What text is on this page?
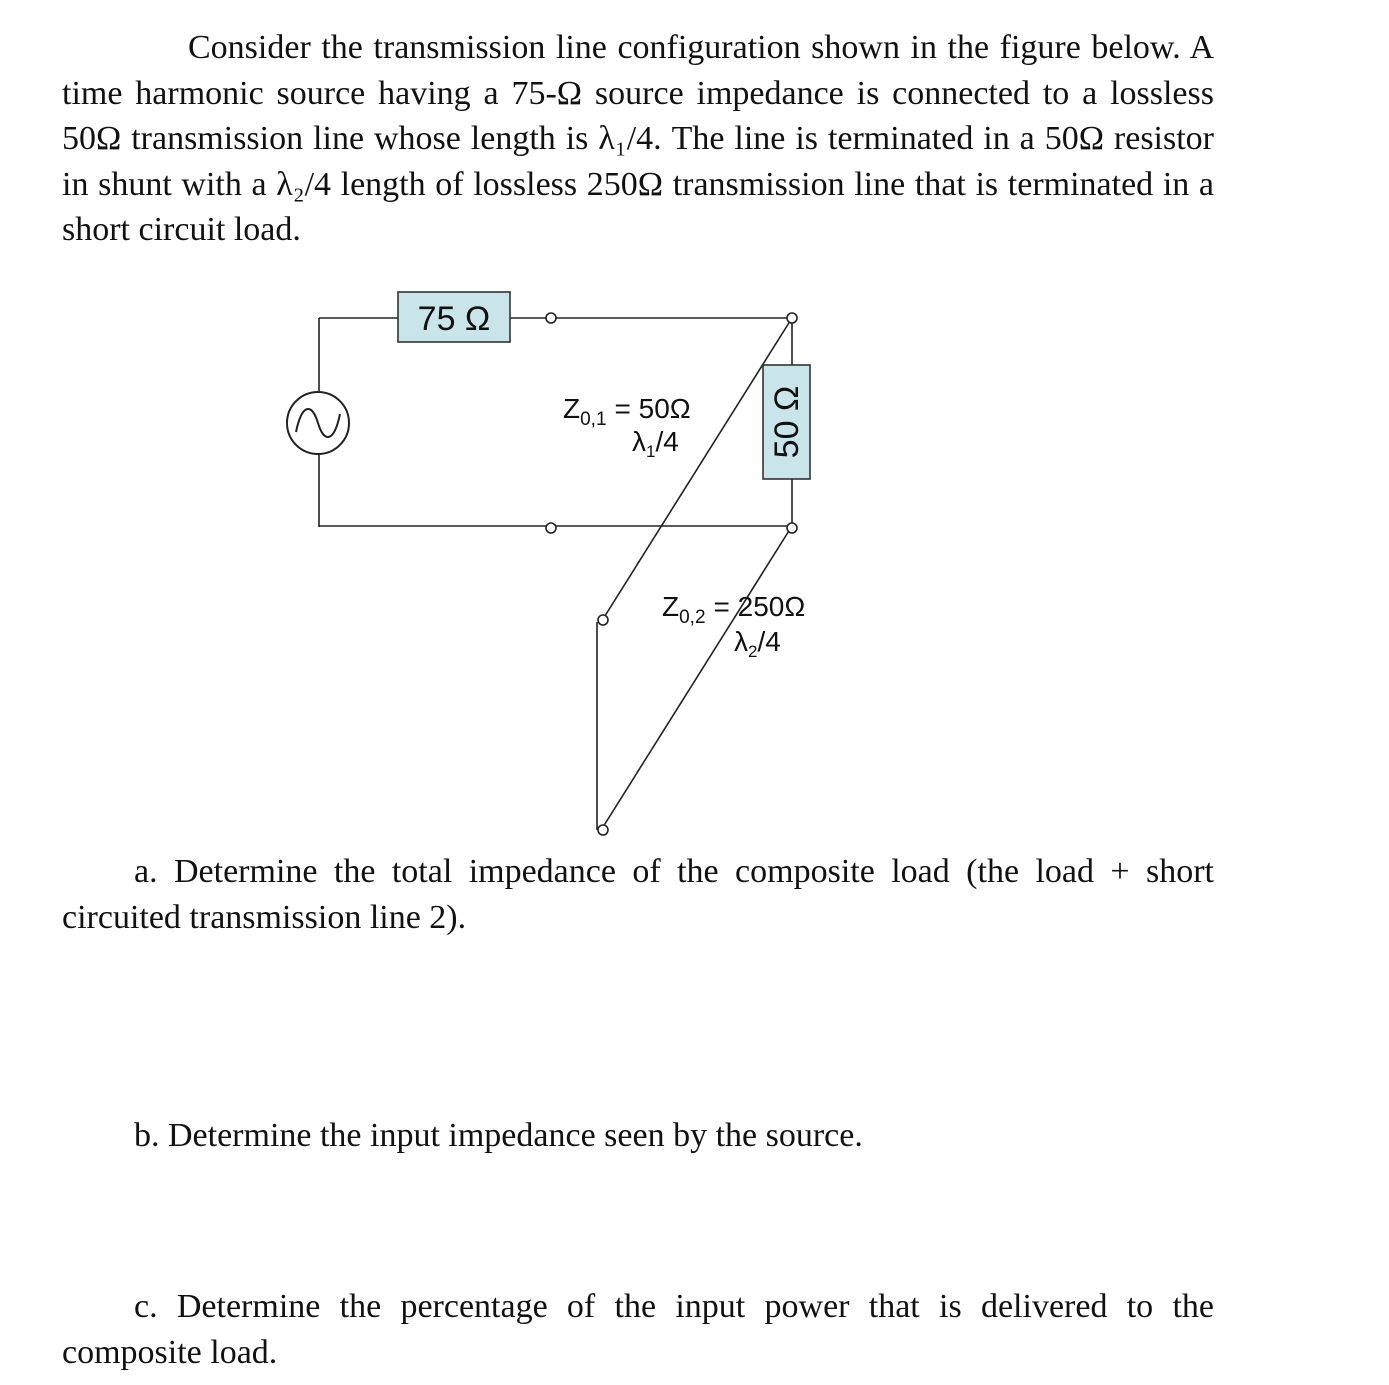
Consider the transmission line configuration shown in the figure below. A time harmonic source having a 75-Ω source impedance is connected to a lossless 50Ω transmission line whose length is λ₁/4. The line is terminated in a 50Ω resistor in shunt with a λ₂/4 length of lossless 250Ω transmission line that is terminated in a short circuit load.
75 Ω
50 Ω
$Z_{0,1} = 50\Omega$
$\lambda_1/4$
$Z_{0,2} = 250\Omega$
$\lambda_2/4$
a. Determine the total impedance of the composite load (the load + short circuited transmission line 2).
b. Determine the input impedance seen by the source.
c. Determine the percentage of the input power that is delivered to the composite load.
